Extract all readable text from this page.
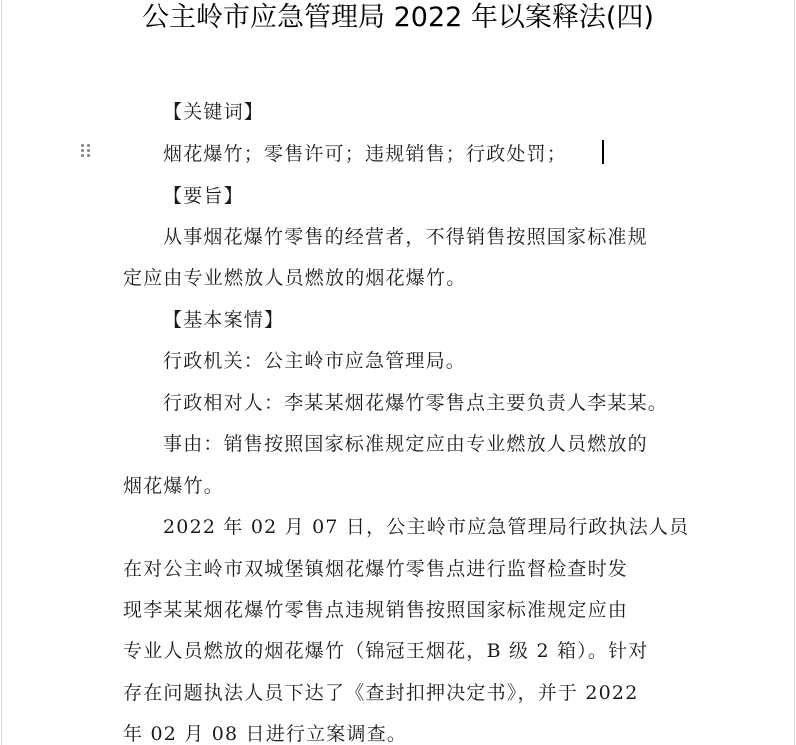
公主岭市应急管理局 2022 年以案释法(四)
【关键词】
烟花爆竹；零售许可；违规销售；行政处罚；
【要旨】
从事烟花爆竹零售的经营者，不得销售按照国家标准规
定应由专业燃放人员燃放的烟花爆竹。
【基本案情】
行政机关：公主岭市应急管理局。
行政相对人：李某某烟花爆竹零售点主要负责人李某某。
事由：销售按照国家标准规定应由专业燃放人员燃放的
烟花爆竹。
2022 年 02 月 07 日，公主岭市应急管理局行政执法人员
在对公主岭市双城堡镇烟花爆竹零售点进行监督检查时发
现李某某烟花爆竹零售点违规销售按照国家标准规定应由
专业人员燃放的烟花爆竹（锦冠王烟花，B 级 2 箱）。针对
存在问题执法人员下达了《查封扣押决定书》，并于 2022
年 02 月 08 日进行立案调查。
